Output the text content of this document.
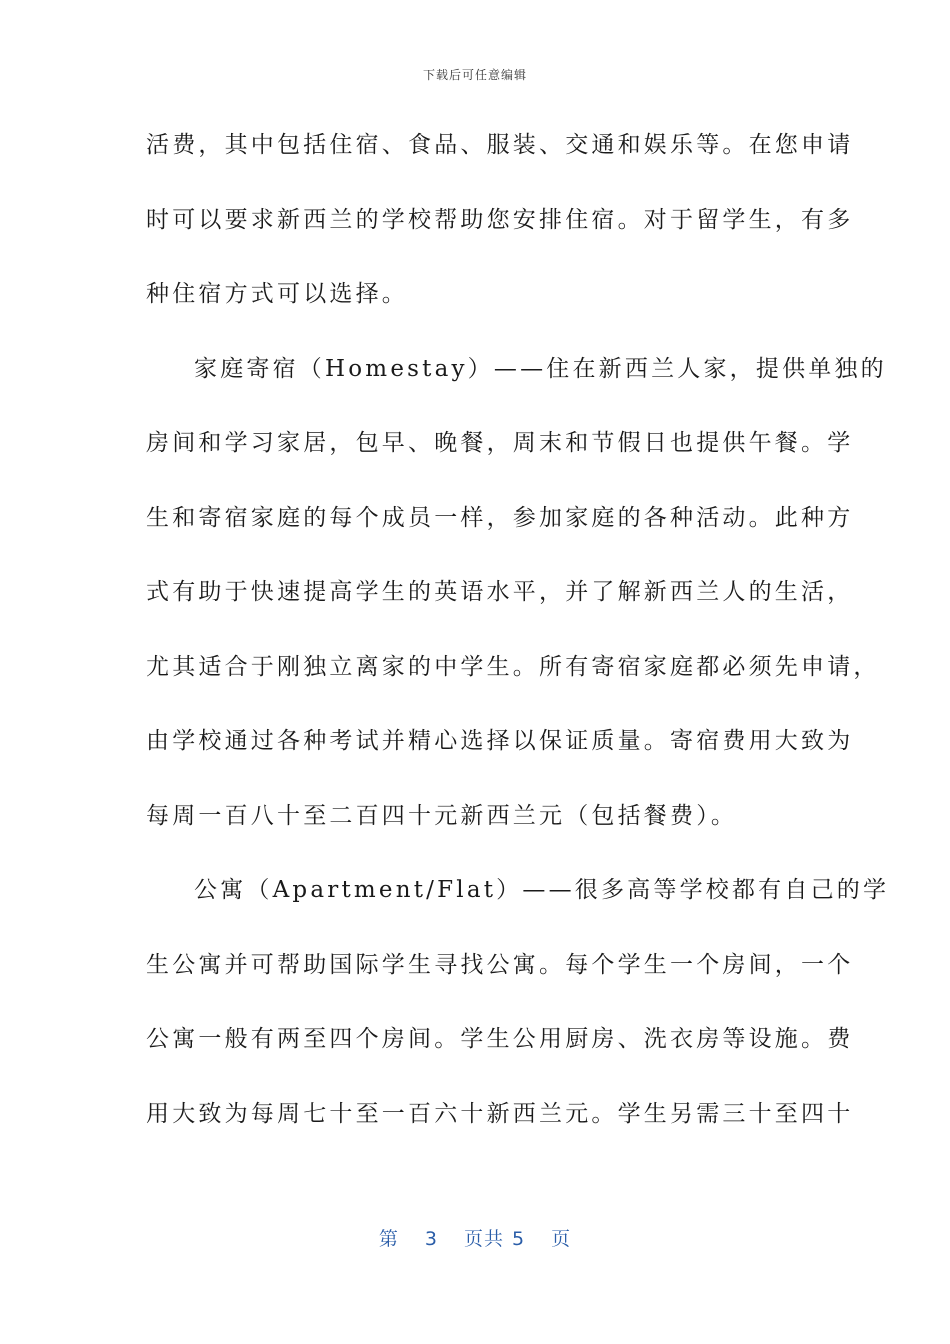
下载后可任意编辑
活费，其中包括住宿、食品、服装、交通和娱乐等。在您申请
时可以要求新西兰的学校帮助您安排住宿。对于留学生，有多
种住宿方式可以选择。
家庭寄宿（Homestay）——住在新西兰人家，提供单独的
房间和学习家居，包早、晚餐，周末和节假日也提供午餐。学
生和寄宿家庭的每个成员一样，参加家庭的各种活动。此种方
式有助于快速提高学生的英语水平，并了解新西兰人的生活，
尤其适合于刚独立离家的中学生。所有寄宿家庭都必须先申请，
由学校通过各种考试并精心选择以保证质量。寄宿费用大致为
每周一百八十至二百四十元新西兰元（包括餐费）。
公寓（Apartment/Flat）——很多高等学校都有自己的学
生公寓并可帮助国际学生寻找公寓。每个学生一个房间，一个
公寓一般有两至四个房间。学生公用厨房、洗衣房等设施。费
用大致为每周七十至一百六十新西兰元。学生另需三十至四十
第 3 页共 5 页
